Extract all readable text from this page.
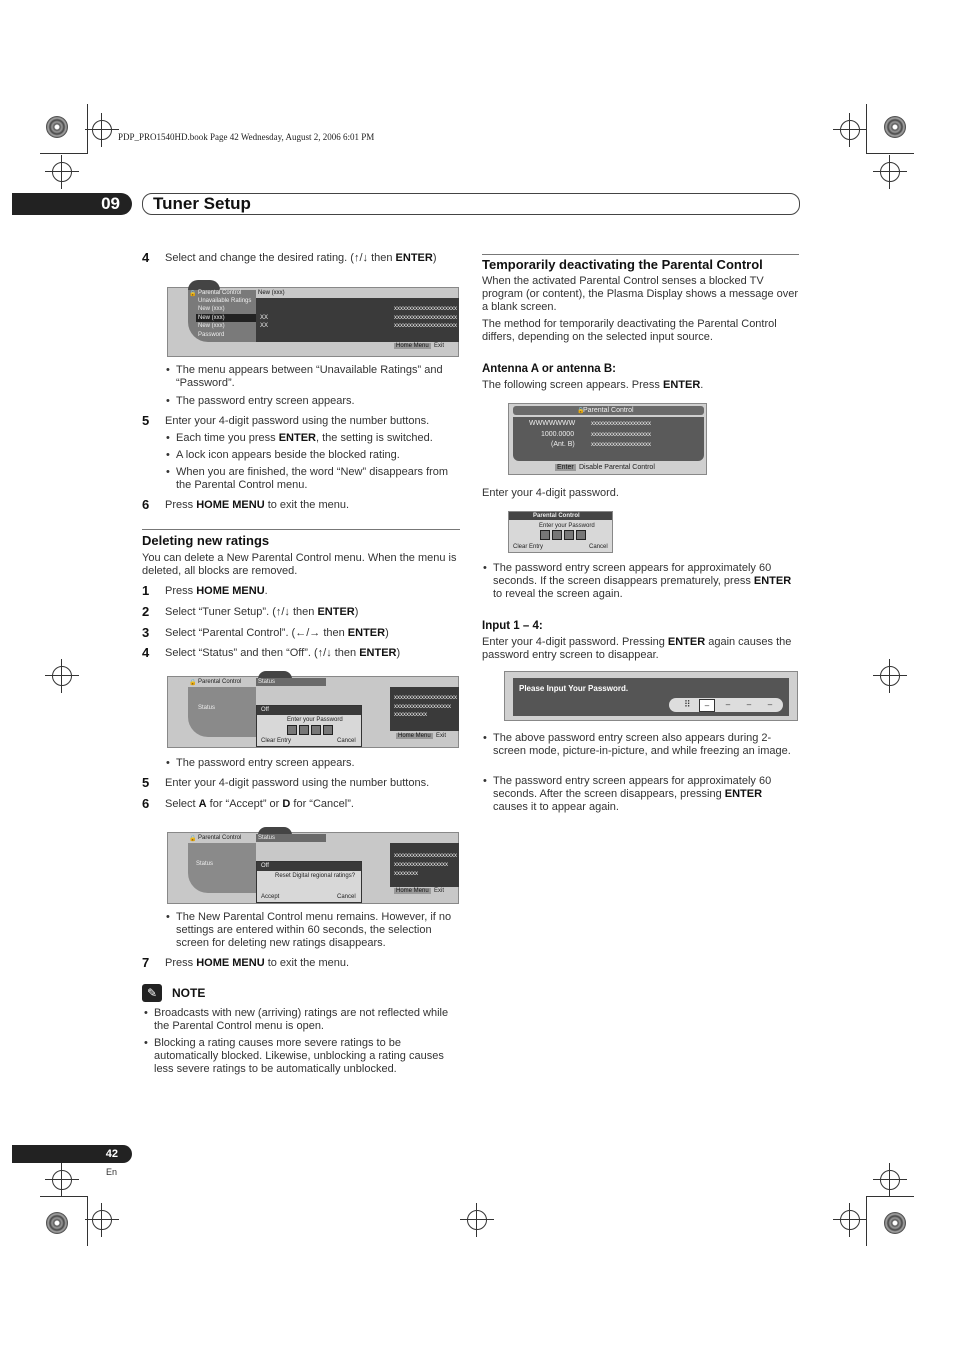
PDP_PRO1540HD.book Page 42 Wednesday, August 2, 2006 6:01 PM
09	Tuner Setup
4 Select and change the desired rating. (↑/↓ then ENTER)
🔒 Parental Control
Unavailable Ratings
New (xxx)
New (xxx)
New (xxx)
Password
New (xxx)
XX
XX
xxxxxxxxxxxxxxxxxxxxx
xxxxxxxxxxxxxxxxxxxxx
xxxxxxxxxxxxxxxxxxxxx
Home Menu Exit
• The menu appears between “Unavailable Ratings” and “Password”.
• The password entry screen appears.
5 Enter your 4-digit password using the number buttons.
• Each time you press ENTER, the setting is switched.
• A lock icon appears beside the blocked rating.
• When you are finished, the word “New” disappears from the Parental Control menu.
6 Press HOME MENU to exit the menu.
Deleting new ratings
You can delete a New Parental Control menu. When the menu is deleted, all blocks are removed.
1 Press HOME MENU.
2 Select “Tuner Setup”. (↑/↓ then ENTER)
3 Select “Parental Control”. (←/→ then ENTER)
4 Select “Status” and then “Off”. (↑/↓ then ENTER)
🔒 Parental Control	Status
Status
xxxxxxxxxxxxxxxxxxxxx
xxxxxxxxxxxxxxxxxxx
xxxxxxxxxxx
Off
Enter your Password
Clear Entry	Cancel
Home Menu Exit
• The password entry screen appears.
5 Enter your 4-digit password using the number buttons.
6 Select A for “Accept” or D for “Cancel”.
🔒 Parental Control	Status
Status
xxxxxxxxxxxxxxxxxxxxx
xxxxxxxxxxxxxxxxxx
xxxxxxxx
Off
Reset Digital regional ratings?
Accept	Cancel
Home Menu Exit
• The New Parental Control menu remains. However, if no settings are entered within 60 seconds, the selection screen for deleting new ratings disappears.
7 Press HOME MENU to exit the menu.
✎	NOTE
• Broadcasts with new (arriving) ratings are not reflected while the Parental Control menu is open.
• Blocking a rating causes more severe ratings to be automatically blocked. Likewise, unblocking a rating causes less severe ratings to be automatically unblocked.
Temporarily deactivating the Parental Control
When the activated Parental Control senses a blocked TV program (or content), the Plasma Display shows a message over a blank screen.
The method for temporarily deactivating the Parental Control differs, depending on the selected input source.
Antenna A or antenna B:
The following screen appears. Press ENTER.
🔒
Parental Control
WWWWWWW	xxxxxxxxxxxxxxxxxxxx
1000.0000	xxxxxxxxxxxxxxxxxxxx
(Ant. B)	xxxxxxxxxxxxxxxxxxxx
Enter Disable Parental Control
Enter your 4-digit password.
Parental Control
Enter your Password
Clear Entry	Cancel
• The password entry screen appears for approximately 60 seconds. If the screen disappears prematurely, press ENTER to reveal the screen again.
Input 1 – 4:
Enter your 4-digit password. Pressing ENTER again causes the password entry screen to disappear.
Please Input Your Password.
⠿	–	–	–	–
• The above password entry screen also appears during 2-screen mode, picture-in-picture, and while freezing an image.
• The password entry screen appears for approximately 60 seconds. After the screen disappears, pressing ENTER causes it to appear again.
42
En
